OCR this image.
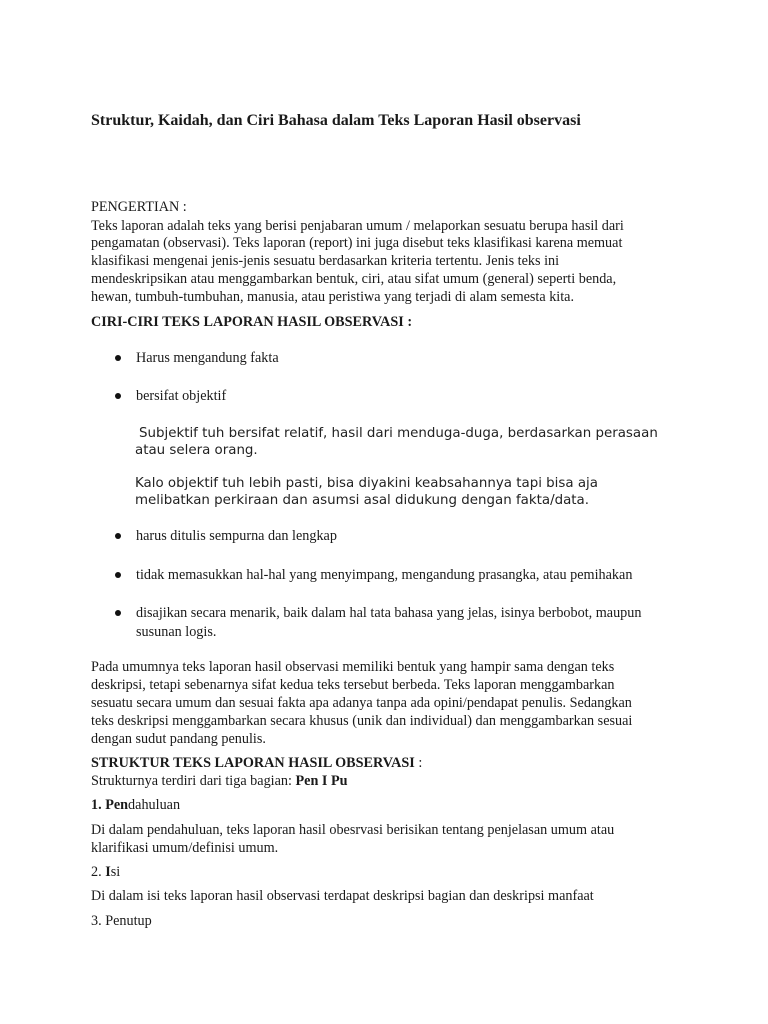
Struktur, Kaidah, dan Ciri Bahasa dalam Teks Laporan Hasil observasi
PENGERTIAN :
Teks laporan adalah teks yang berisi penjabaran umum / melaporkan sesuatu berupa hasil dari
pengamatan (observasi). Teks laporan (report) ini juga disebut teks klasifikasi karena memuat
klasifikasi mengenai jenis-jenis sesuatu berdasarkan kriteria tertentu. Jenis teks ini
mendeskripsikan atau menggambarkan bentuk, ciri, atau sifat umum (general) seperti benda,
hewan, tumbuh-tumbuhan, manusia, atau peristiwa yang terjadi di alam semesta kita.
CIRI-CIRI TEKS LAPORAN HASIL OBSERVASI :
Harus mengandung fakta
bersifat objektif
Subjektif tuh bersifat relatif, hasil dari menduga-duga, berdasarkan perasaan
atau selera orang.
Kalo objektif tuh lebih pasti, bisa diyakini keabsahannya tapi bisa aja
melibatkan perkiraan dan asumsi asal didukung dengan fakta/data.
harus ditulis sempurna dan lengkap
tidak memasukkan hal-hal yang menyimpang, mengandung prasangka, atau pemihakan
disajikan secara menarik, baik dalam hal tata bahasa yang jelas, isinya berbobot, maupun
susunan logis.
Pada umumnya teks laporan hasil observasi memiliki bentuk yang hampir sama dengan teks
deskripsi, tetapi sebenarnya sifat kedua teks tersebut berbeda. Teks laporan menggambarkan
sesuatu secara umum dan sesuai fakta apa adanya tanpa ada opini/pendapat penulis. Sedangkan
teks deskripsi menggambarkan secara khusus (unik dan individual) dan menggambarkan sesuai
dengan sudut pandang penulis.
STRUKTUR TEKS LAPORAN HASIL OBSERVASI :
Strukturnya terdiri dari tiga bagian: Pen I Pu
1. Pendahuluan
Di dalam pendahuluan, teks laporan hasil obesrvasi berisikan tentang penjelasan umum atau
klarifikasi umum/definisi umum.
2. Isi
Di dalam isi teks laporan hasil observasi terdapat deskripsi bagian dan deskripsi manfaat
3. Penutup
